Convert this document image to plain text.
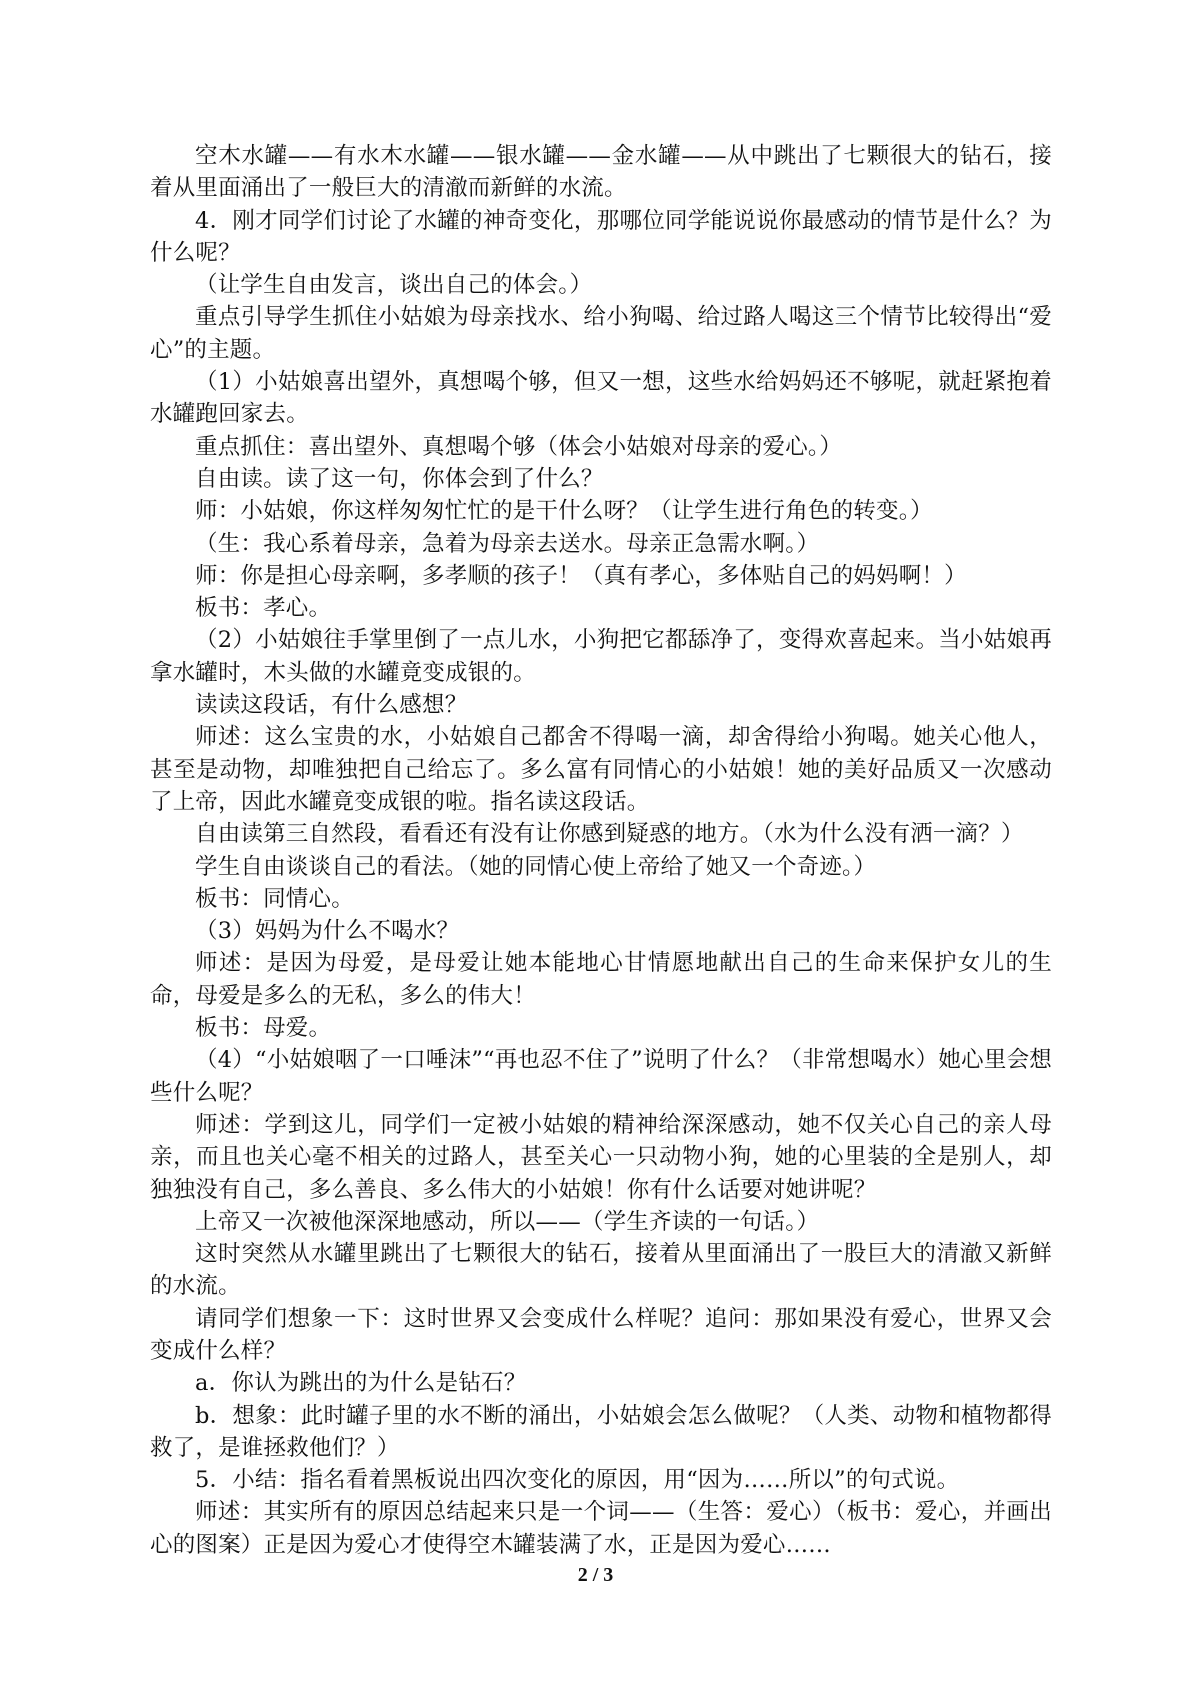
空木水罐——有水木水罐——银水罐——金水罐——从中跳出了七颗很大的钻石，接着从里面涌出了一般巨大的清澈而新鲜的水流。

4．刚才同学们讨论了水罐的神奇变化，那哪位同学能说说你最感动的情节是什么？为什么呢？

（让学生自由发言，谈出自己的体会。）

重点引导学生抓住小姑娘为母亲找水、给小狗喝、给过路人喝这三个情节比较得出“爱心”的主题。

（1）小姑娘喜出望外，真想喝个够，但又一想，这些水给妈妈还不够呢，就赶紧抱着水罐跑回家去。

重点抓住：喜出望外、真想喝个够（体会小姑娘对母亲的爱心。）

自由读。读了这一句，你体会到了什么？

师：小姑娘，你这样匆匆忙忙的是干什么呀？（让学生进行角色的转变。）

（生：我心系着母亲，急着为母亲去送水。母亲正急需水啊。）

师：你是担心母亲啊，多孝顺的孩子！（真有孝心，多体贴自己的妈妈啊！）

板书：孝心。

（2）小姑娘往手掌里倒了一点儿水，小狗把它都舔净了，变得欢喜起来。当小姑娘再拿水罐时，木头做的水罐竟变成银的。

读读这段话，有什么感想？

师述：这么宝贵的水，小姑娘自己都舍不得喝一滴，却舍得给小狗喝。她关心他人，甚至是动物，却唯独把自己给忘了。多么富有同情心的小姑娘！她的美好品质又一次感动了上帝，因此水罐竟变成银的啦。指名读这段话。

自由读第三自然段，看看还有没有让你感到疑惑的地方。（水为什么没有洒一滴？）

学生自由谈谈自己的看法。（她的同情心使上帝给了她又一个奇迹。）

板书：同情心。

（3）妈妈为什么不喝水？

师述：是因为母爱，是母爱让她本能地心甘情愿地献出自己的生命来保护女儿的生命，母爱是多么的无私，多么的伟大！

板书：母爱。

（4）“小姑娘咽了一口唾沫”“再也忍不住了”说明了什么？（非常想喝水）她心里会想些什么呢？

师述：学到这儿，同学们一定被小姑娘的精神给深深感动，她不仅关心自己的亲人母亲，而且也关心毫不相关的过路人，甚至关心一只动物小狗，她的心里装的全是别人，却独独没有自己，多么善良、多么伟大的小姑娘！你有什么话要对她讲呢？

上帝又一次被他深深地感动，所以——（学生齐读的一句话。）

这时突然从水罐里跳出了七颗很大的钻石，接着从里面涌出了一股巨大的清澈又新鲜的水流。

请同学们想象一下：这时世界又会变成什么样呢？追问：那如果没有爱心，世界又会变成什么样？

a．你认为跳出的为什么是钻石？

b．想象：此时罐子里的水不断的涌出，小姑娘会怎么做呢？（人类、动物和植物都得救了，是谁拯救他们？）

5．小结：指名看着黑板说出四次变化的原因，用“因为……所以”的句式说。

师述：其实所有的原因总结起来只是一个词——（生答：爱心）（板书：爱心，并画出心的图案）正是因为爱心才使得空木罐装满了水，正是因为爱心……

2 / 3
